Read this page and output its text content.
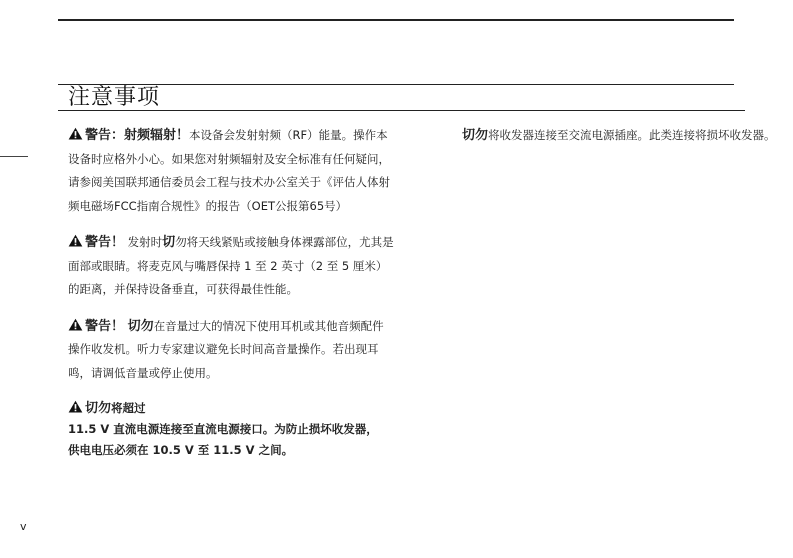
注意事项

警告：射频辐射！本设备会发射射频（RF）能量。操作本设备时应格外小心。如果您对射频辐射及安全标准有任何疑问，请参阅美国联邦通信委员会工程与技术办公室关于《评估人体射频电磁场FCC指南合规性》的报告（OET公报第65号）

警告！ 发射时切勿将天线紧贴或接触身体裸露部位，尤其是面部或眼睛。将麦克风与嘴唇保持 1 至 2 英寸（2 至 5 厘米）的距离，并保持设备垂直，可获得最佳性能。

警告！ 切勿在音量过大的情况下使用耳机或其他音频配件操作收发机。听力专家建议避免长时间高音量操作。若出现耳鸣，请调低音量或停止使用。

切勿将超过

11.5 V 直流电源连接至直流电源接口。为防止损坏收发器，

供电电压必须在 10.5 V 至 11.5 V 之间。

切勿将收发器连接至交流电源插座。此类连接将损坏收发器。
v
